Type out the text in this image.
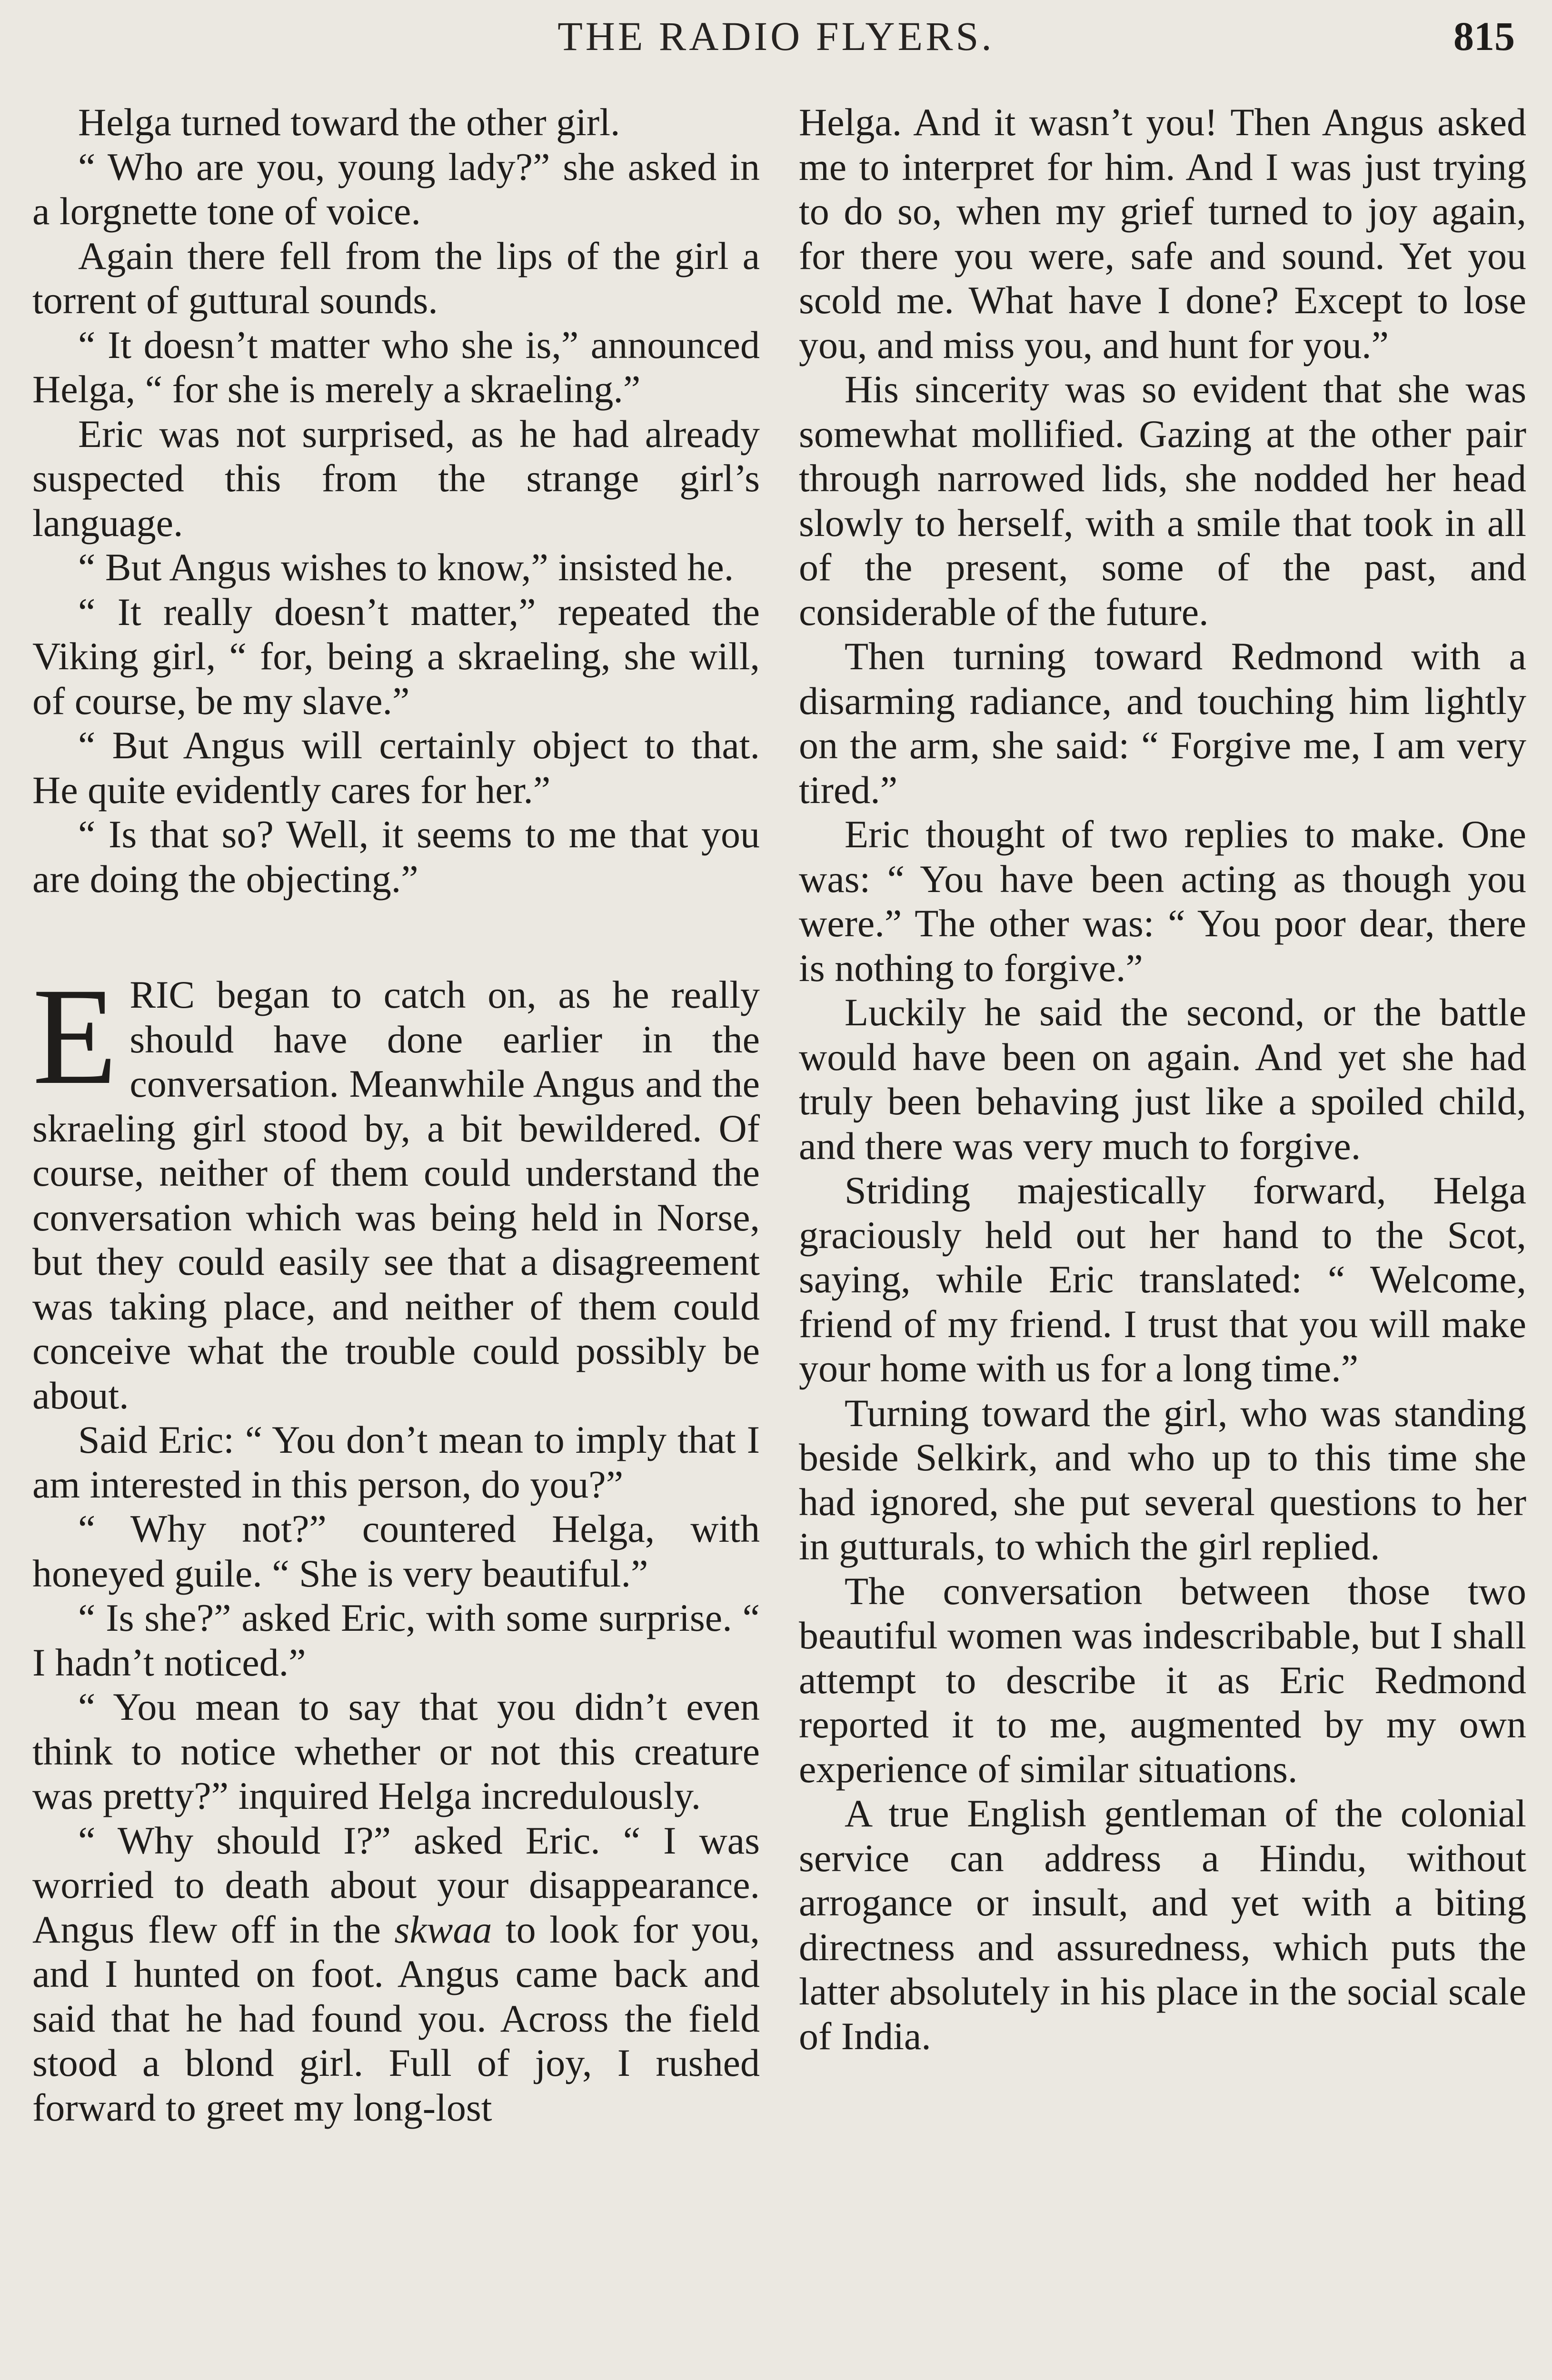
THE RADIO FLYERS.	815

Helga turned toward the other girl.

“ Who are you, young lady?” she asked in a lorgnette tone of voice.

Again there fell from the lips of the girl a torrent of guttural sounds.

“ It doesn’t matter who she is,” announced Helga, “ for she is merely a skraeling.”

Eric was not surprised, as he had already suspected this from the strange girl’s language.

“ But Angus wishes to know,” insisted he.

“ It really doesn’t matter,” repeated the Viking girl, “ for, being a skraeling, she will, of course, be my slave.”

“ But Angus will certainly object to that. He quite evidently cares for her.”

“ Is that so? Well, it seems to me that you are doing the objecting.”

ERIC began to catch on, as he really should have done earlier in the conversation. Meanwhile Angus and the skraeling girl stood by, a bit bewildered. Of course, neither of them could understand the conversation which was being held in Norse, but they could easily see that a disagreement was taking place, and neither of them could conceive what the trouble could possibly be about.

Said Eric: “ You don’t mean to imply that I am interested in this person, do you?”

“ Why not?” countered Helga, with honeyed guile. “ She is very beautiful.”

“ Is she?” asked Eric, with some surprise. “ I hadn’t noticed.”

“ You mean to say that you didn’t even think to notice whether or not this creature was pretty?” inquired Helga incredulously.

“ Why should I?” asked Eric. “ I was worried to death about your disappearance. Angus flew off in the skwaa to look for you, and I hunted on foot. Angus came back and said that he had found you. Across the field stood a blond girl. Full of joy, I rushed forward to greet my long-lost

Helga. And it wasn’t you! Then Angus asked me to interpret for him. And I was just trying to do so, when my grief turned to joy again, for there you were, safe and sound. Yet you scold me. What have I done? Except to lose you, and miss you, and hunt for you.”

His sincerity was so evident that she was somewhat mollified. Gazing at the other pair through narrowed lids, she nodded her head slowly to herself, with a smile that took in all of the present, some of the past, and considerable of the future.

Then turning toward Redmond with a disarming radiance, and touching him lightly on the arm, she said: “ Forgive me, I am very tired.”

Eric thought of two replies to make. One was: “ You have been acting as though you were.” The other was: “ You poor dear, there is nothing to forgive.”

Luckily he said the second, or the battle would have been on again. And yet she had truly been behaving just like a spoiled child, and there was very much to forgive.

Striding majestically forward, Helga graciously held out her hand to the Scot, saying, while Eric translated: “ Welcome, friend of my friend. I trust that you will make your home with us for a long time.”

Turning toward the girl, who was standing beside Selkirk, and who up to this time she had ignored, she put several questions to her in gutturals, to which the girl replied.

The conversation between those two beautiful women was indescribable, but I shall attempt to describe it as Eric Redmond reported it to me, augmented by my own experience of similar situations.

A true English gentleman of the colonial service can address a Hindu, without arrogance or insult, and yet with a biting directness and assuredness, which puts the latter absolutely in his place in the social scale of India.
